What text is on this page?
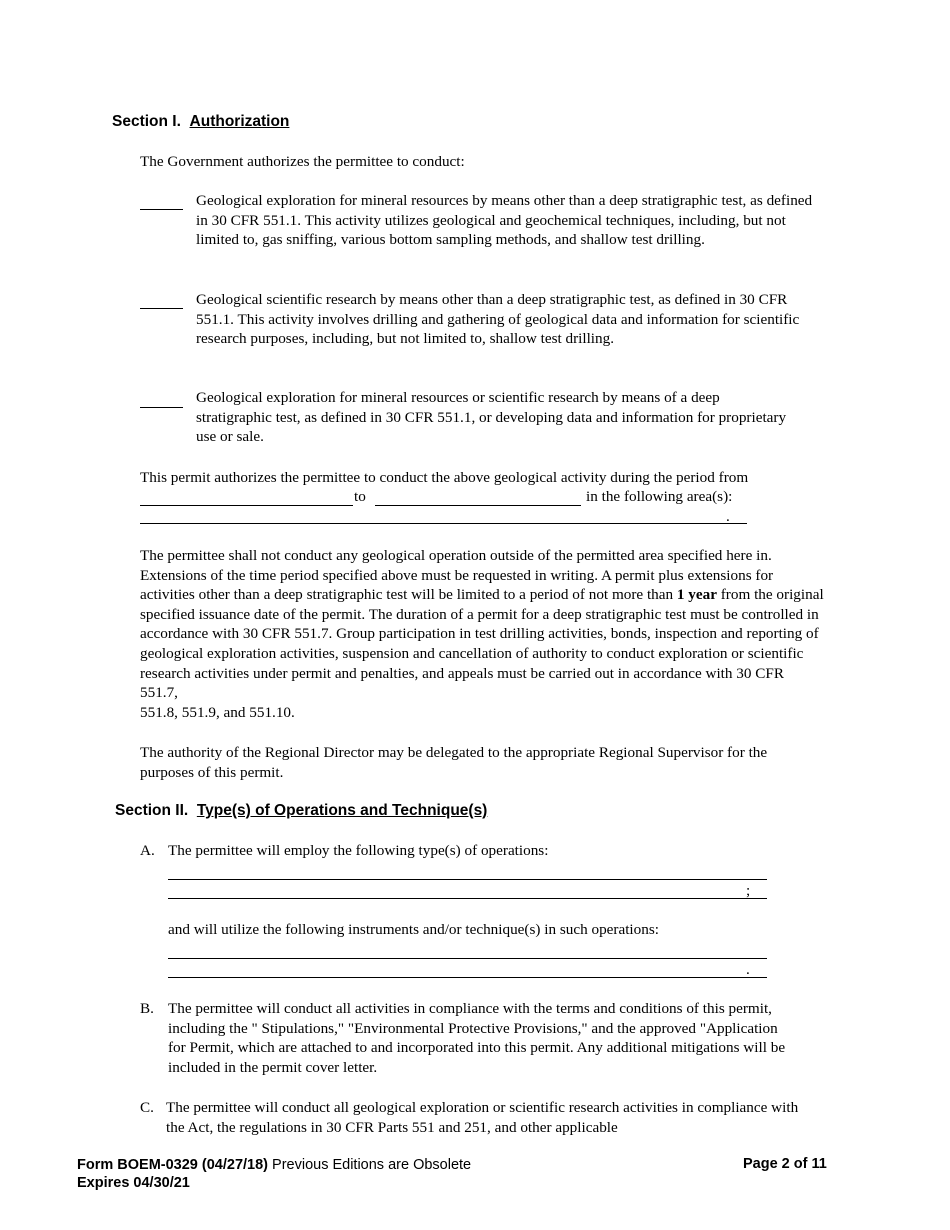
Section I. Authorization
The Government authorizes the permittee to conduct:
Geological exploration for mineral resources by means other than a deep stratigraphic test, as defined in 30 CFR 551.1. This activity utilizes geological and geochemical techniques, including, but not limited to, gas sniffing, various bottom sampling methods, and shallow test drilling.
Geological scientific research by means other than a deep stratigraphic test, as defined in 30 CFR 551.1. This activity involves drilling and gathering of geological data and information for scientific research purposes, including, but not limited to, shallow test drilling.
Geological exploration for mineral resources or scientific research by means of a deep stratigraphic test, as defined in 30 CFR 551.1, or developing data and information for proprietary use or sale.
This permit authorizes the permittee to conduct the above geological activity during the period from
to	in the following area(s):
.
The permittee shall not conduct any geological operation outside of the permitted area specified here in. Extensions of the time period specified above must be requested in writing. A permit plus extensions for activities other than a deep stratigraphic test will be limited to a period of not more than 1 year from the original specified issuance date of the permit. The duration of a permit for a deep stratigraphic test must be controlled in accordance with 30 CFR 551.7. Group participation in test drilling activities, bonds, inspection and reporting of geological exploration activities, suspension and cancellation of authority to conduct exploration or scientific research activities under permit and penalties, and appeals must be carried out in accordance with 30 CFR 551.7,
551.8, 551.9, and 551.10.
The authority of the Regional Director may be delegated to the appropriate Regional Supervisor for the purposes of this permit.
Section II. Type(s) of Operations and Technique(s)
A. The permittee will employ the following type(s) of operations:
;
and will utilize the following instruments and/or technique(s) in such operations:
.
B. The permittee will conduct all activities in compliance with the terms and conditions of this permit, including the " Stipulations," "Environmental Protective Provisions," and the approved "Application for Permit, which are attached to and incorporated into this permit. Any additional mitigations will be included in the permit cover letter.
C. The permittee will conduct all geological exploration or scientific research activities in compliance with the Act, the regulations in 30 CFR Parts 551 and 251, and other applicable
Form BOEM-0329 (04/27/18) Previous Editions are Obsolete
Expires 04/30/21
Page 2 of 11
